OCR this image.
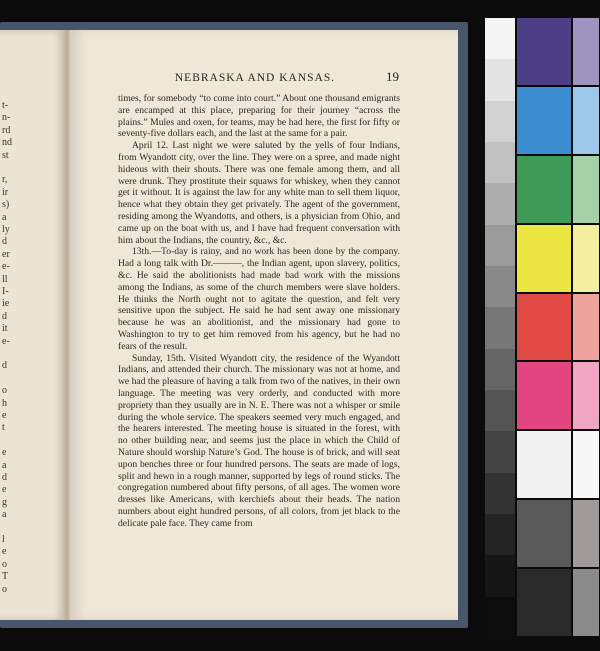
t-
n-
rd
nd
st
r,
ir
s)
a
ly
d
er
e-
ll
I-
ie
d
it
e-
d
o
h
e
t
e
a
d
e
g
a
l
e
o
T
o
NEBRASKA AND KANSAS.	19

times, for somebody “to come into court.” About one thousand emigrants are encamped at this place, preparing for their journey “across the plains.” Mules and oxen, for teams, may be had here, the first for fifty or seventy-five dollars each, and the last at the same for a pair.

April 12. Last night we were saluted by the yells of four Indians, from Wyandott city, over the line. They were on a spree, and made night hideous with their shouts. There was one female among them, and all were drunk. They prostitute their squaws for whiskey, when they cannot get it without. It is against the law for any white man to sell them liquor, hence what they obtain they get privately. The agent of the government, residing among the Wyandotts, and others, is a physician from Ohio, and came up on the boat with us, and I have had frequent conversation with him about the Indians, the country, &c., &c.

13th.—To-day is rainy, and no work has been done by the company. Had a long talk with Dr.———, the Indian agent, upon slavery, politics, &c. He said the abolitionists had made bad work with the missions among the Indians, as some of the church members were slave holders. He thinks the North ought not to agitate the question, and felt very sensitive upon the subject. He said he had sent away one missionary because he was an abolitionist, and the missionary had gone to Washington to try to get him removed from his agency, but he had no fears of the result.

Sunday, 15th. Visited Wyandott city, the residence of the Wyandott Indians, and attended their church. The missionary was not at home, and we had the pleasure of having a talk from two of the natives, in their own language. The meeting was very orderly, and conducted with more propriety than they usually are in N. E. There was not a whisper or smile during the whole service. The speakers seemed very much engaged, and the hearers interested. The meeting house is situated in the forest, with no other building near, and seems just the place in which the Child of Nature should worship Nature’s God. The house is of brick, and will seat upon benches three or four hundred persons. The seats are made of logs, split and hewn in a rough manner, supported by legs of round sticks. The congregation numbered about fifty persons, of all ages. The women wore dresses like Americans, with kerchiefs about their heads. The nation numbers about eight hundred persons, of all colors, from jet black to the delicate pale face. They came from
